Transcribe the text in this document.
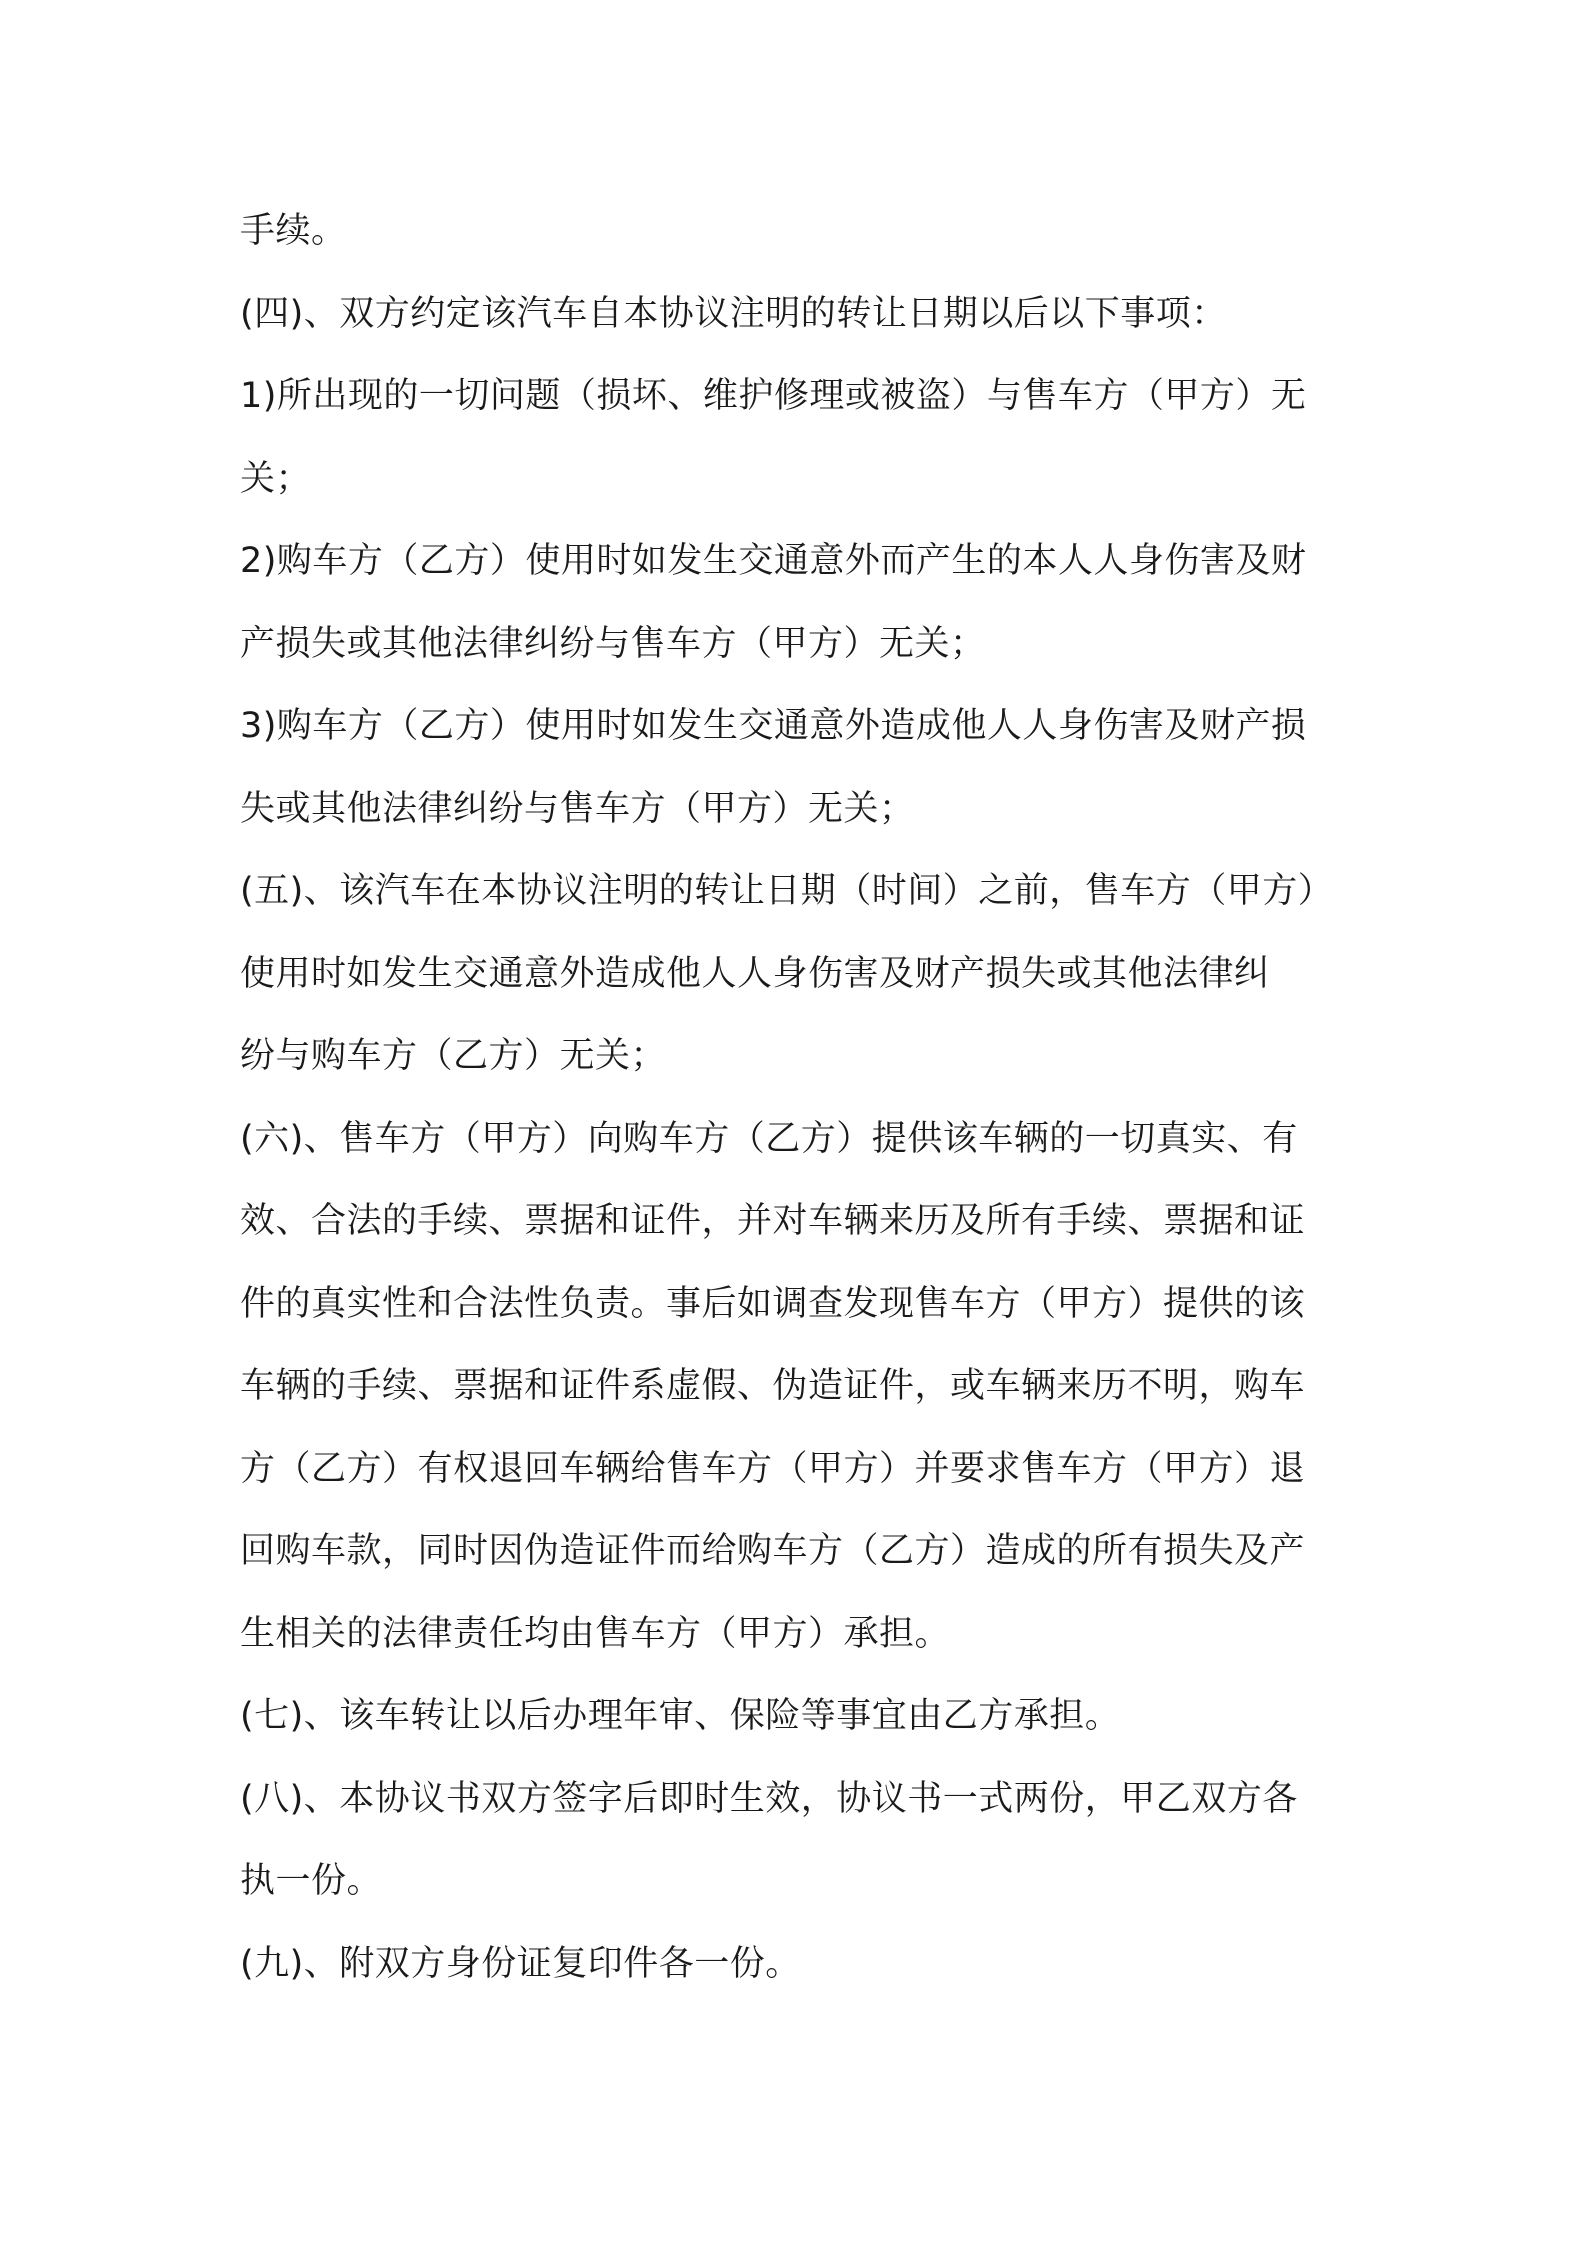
手续。
(四)、双方约定该汽车自本协议注明的转让日期以后以下事项：
1)所出现的一切问题（损坏、维护修理或被盗）与售车方（甲方）无
关；
2)购车方（乙方）使用时如发生交通意外而产生的本人人身伤害及财
产损失或其他法律纠纷与售车方（甲方）无关；
3)购车方（乙方）使用时如发生交通意外造成他人人身伤害及财产损
失或其他法律纠纷与售车方（甲方）无关；
(五)、该汽车在本协议注明的转让日期（时间）之前，售车方（甲方）
使用时如发生交通意外造成他人人身伤害及财产损失或其他法律纠
纷与购车方（乙方）无关；
(六)、售车方（甲方）向购车方（乙方）提供该车辆的一切真实、有
效、合法的手续、票据和证件，并对车辆来历及所有手续、票据和证
件的真实性和合法性负责。事后如调查发现售车方（甲方）提供的该
车辆的手续、票据和证件系虚假、伪造证件，或车辆来历不明，购车
方（乙方）有权退回车辆给售车方（甲方）并要求售车方（甲方）退
回购车款，同时因伪造证件而给购车方（乙方）造成的所有损失及产
生相关的法律责任均由售车方（甲方）承担。
(七)、该车转让以后办理年审、保险等事宜由乙方承担。
(八)、本协议书双方签字后即时生效，协议书一式两份，甲乙双方各
执一份。
(九)、附双方身份证复印件各一份。
